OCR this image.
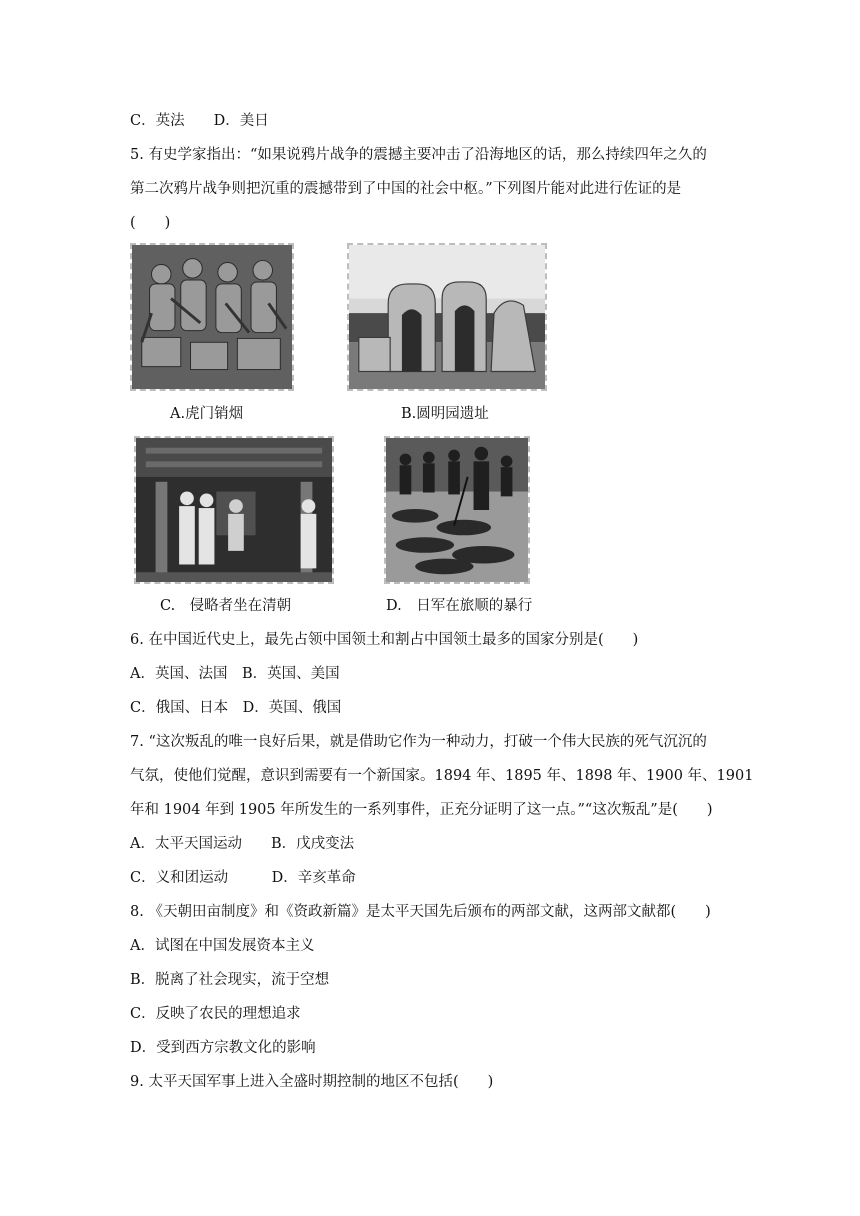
C．英法　　D．美日
5. 有史学家指出：“如果说鸦片战争的震撼主要冲击了沿海地区的话，那么持续四年之久的
第二次鸦片战争则把沉重的震撼带到了中国的社会中枢。”下列图片能对此进行佐证的是
(　　)
A.虎门销烟	B.圆明园遗址
C.　侵略者坐在清朝	D.　日军在旅顺的暴行
6. 在中国近代史上，最先占领中国领土和割占中国领土最多的国家分别是(　　)
A．英国、法国　B．英国、美国
C．俄国、日本　D．英国、俄国
7. “这次叛乱的唯一良好后果，就是借助它作为一种动力，打破一个伟大民族的死气沉沉的
气氛，使他们觉醒，意识到需要有一个新国家。1894 年、1895 年、1898 年、1900 年、1901
年和 1904 年到 1905 年所发生的一系列事件，正充分证明了这一点。”“这次叛乱”是(　　)
A．太平天国运动　　B．戊戌变法
C．义和团运动　　　D．辛亥革命
8. 《天朝田亩制度》和《资政新篇》是太平天国先后颁布的两部文献，这两部文献都(　　)
A．试图在中国发展资本主义
B．脱离了社会现实，流于空想
C．反映了农民的理想追求
D．受到西方宗教文化的影响
9. 太平天国军事上进入全盛时期控制的地区不包括(　　)
